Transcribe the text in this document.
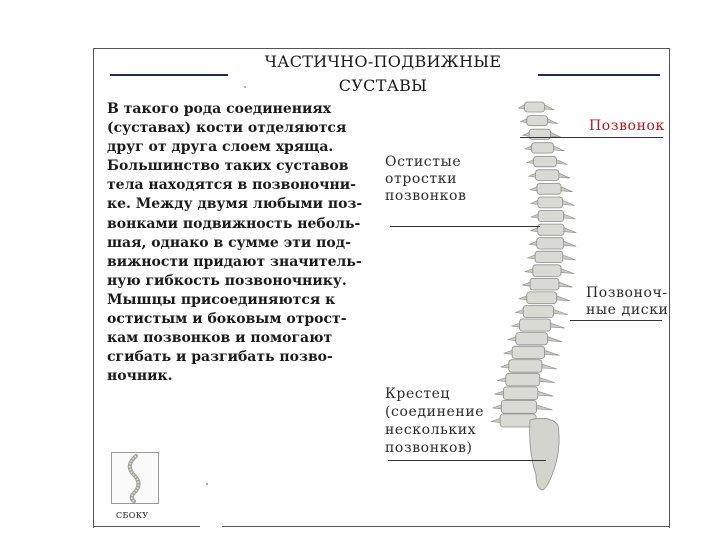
ЧАСТИЧНО-ПОДВИЖНЫЕ
СУСТАВЫ
В такого рода соединениях
(суставах) кости отделяются
друг от друга слоем хряща.
Большинство таких суставов
тела находятся в позвоночни-
ке. Между двумя любыми поз-
вонками подвижность неболь-
шая, однако в сумме эти под-
вижности придают значитель-
ную гибкость позвоночнику.
Мышцы присоединяются к
остистым и боковым отрост-
кам позвонков и помогают
сгибать и разгибать позво-
ночник.
Позвонок
Остистые
отростки
позвонков
Позвоноч-
ные диски
Крестец
(соединение
нескольких
позвонков)
СБОКУ
